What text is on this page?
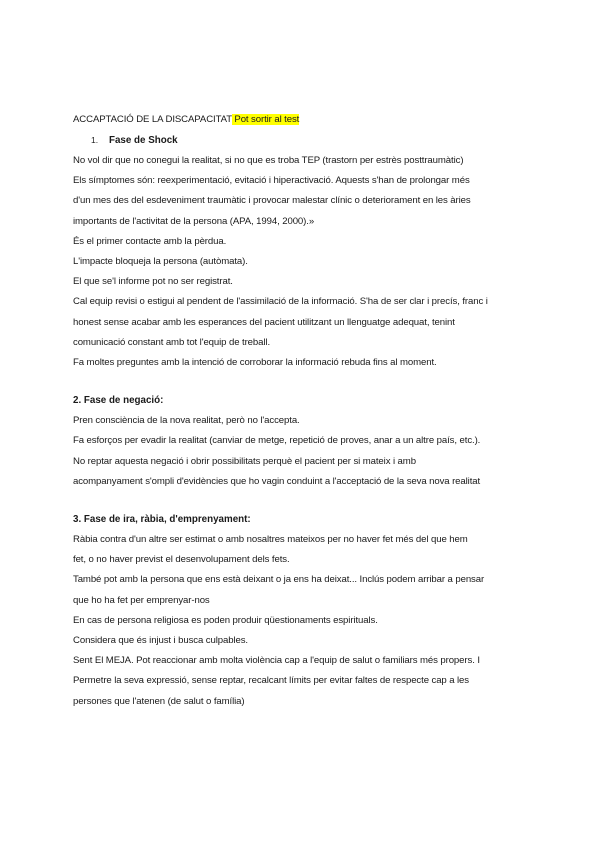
ACCAPTACIÓ DE LA DISCAPACITAT Pot sortir al test
1. Fase de Shock
No vol dir que no conegui la realitat, si no que es troba TEP (trastorn per estrès posttraumàtic)
Els símptomes són: reexperimentació, evitació i hiperactivació. Aquests s'han de prolongar més
d'un mes des del esdeveniment traumàtic i provocar malestar clínic o deteriorament en les àries
importants de l'activitat de la persona (APA, 1994, 2000).»
És el primer contacte amb la pèrdua.
L'impacte bloqueja la persona (autòmata).
El que se'l informe pot no ser registrat.
Cal equip revisi o estigui al pendent de l'assimilació de la informació. S'ha de ser clar i precís, franc i
honest sense acabar amb les esperances del pacient utilitzant un llenguatge adequat, tenint
comunicació constant amb tot l'equip de treball.
Fa moltes preguntes amb la intenció de corroborar la informació rebuda fins al moment.
2. Fase de negació:
Pren consciència de la nova realitat, però no l'accepta.
Fa esforços per evadir la realitat (canviar de metge, repetició de proves, anar a un altre país, etc.).
No reptar aquesta negació i obrir possibilitats perquè el pacient per si mateix i amb
acompanyament s'ompli d'evidències que ho vagin conduint a l'acceptació de la seva nova realitat
3. Fase de ira, ràbia, d'emprenyament:
Ràbia contra d'un altre ser estimat o amb nosaltres mateixos per no haver fet més del que hem
fet, o no haver previst el desenvolupament dels fets.
També pot amb la persona que ens està deixant o ja ens ha deixat... Inclús podem arribar a pensar
que ho ha fet per emprenyar-nos
En cas de persona religiosa es poden produir qüestionaments espirituals.
Considera que és injust i busca culpables.
Sent El MEJA. Pot reaccionar amb molta violència cap a l'equip de salut o familiars més propers. I
Permetre la seva expressió, sense reptar, recalcant límits per evitar faltes de respecte cap a les
persones que l'atenen (de salut o família)
